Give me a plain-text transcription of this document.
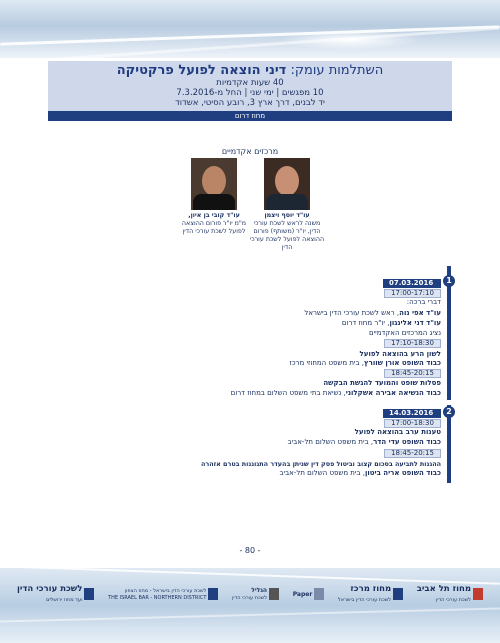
השתלמות עומק: דיני הוצאה לפועל פרקטיקה
40 שעות אקדמיות
10 מפגשים | ימי שני | החל מ-7.3.2016
יד לבנים, דרך ארץ 3, רובע הסיטי, אשדוד
מחוז דרום
מרכזים אקדמיים
עו"ד יוסף ויצמן
משנה לראש לשכת עורכי הדין, יו"ר (משותף) פורום ההוצאה לפועל לשכת עורכי הדין
עו"ד קובי בן איון,
מ"מ יו"ר פורום ההוצאה לפועל לשכת עורכי הדין
1
07.03.2016
17:00-17:10
דברי ברכה:
עו"ד אפי נוה, ראש לשכת עורכי הדין בישראל
עו"ד דני אלינגון, יו"ר מחוז דרום
נציג המרכזים האקדמיים
17:10-18:30
לשון הרע בהוצאה לפועל
כבוד השופט אורן שוורץ, בית משפט המחוזי מרכז
18:45-20:15
פסלות שופט והמועד להגשת הבקשה
כבוד הנשיאה אבירה אשקלוני, נשיאת בתי משפט השלום במחוז דרום
2
14.03.2016
17:00-18:30
טענות ערב בהוצאה לפועל
כבוד השופט עדי הדר, בית משפט השלום תל-אביב
18:45-20:15
ההגנות לתביעה בסכום קצוב וביטול פסק דין שניתן בהעדר התגוננות בטרם אזהרה
כבוד השופט אריה ביטון, בית משפט השלום תל-אביב
- 80 -
לשכת עורכי הדין
ועד מחוז ירושלים
לשכת עורכי הדין בישראל - מחוז הצפון
THE ISRAEL BAR - NORTHERN DISTRICT
הגליל
לשכת עורכי הדין
Paper	מחוז מרכז
לשכת עורכי הדין בישראל
מחוז תל אביב
לשכת עורכי הדין
